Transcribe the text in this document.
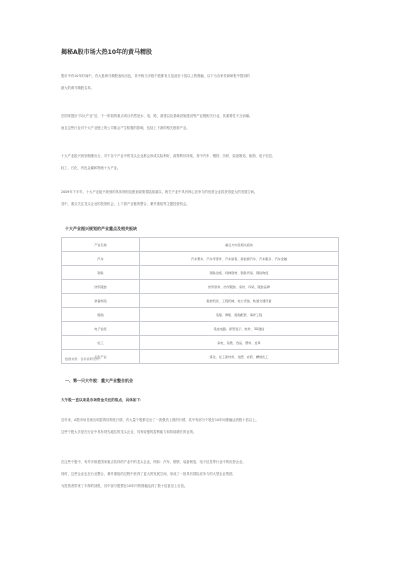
揭秘A股市场大热10年的黄马精股
股市中有10年时间中，有大批黄马精股表现出色，其中相当多数个股都有几倍甚至十倍以上的涨幅，以下为各家券商研报中提到的
最大的黄马精股名单。
在国家提出“四大产业”后，下一阶段的重点项目仍然是水、电、路，基建以及基础设施建设等产业链相关行业，其重要性不言而喻。
而且这些行业对于大产业链上的公司都会产生积极的影响，包括上下游的相关配套产业。
十大产业振兴规划相继出台，对于各个产业中的龙头企业都会形成实际利好，政策利好持续，其中汽车、钢铁、纺织、装备制造、船舶、电子信息、
轻工、石化、有色金属和物流十大产业。
2009年下半年，十大产业振兴规划的具体细则及配套政策将陆续落实，相关产业中具有核心竞争力的优势企业将获得更大的发展空间。
其中，重点关注龙头企业的投资机会，上下游产业链的整合、兼并重组等主题投资机会。
十大产业振兴规划的产业重点及相关板块
产业名称	重点方向及相关板块
汽车	汽车整车、汽车零部件、汽车销售、新能源汽车、汽车服务、汽车金融
钢铁	钢铁冶炼、特种钢材、钢铁贸易、钢铁物流
纺织服装	纺织原料、纺织服装、家纺、印染、服装品牌
装备制造	数控机床、工程机械、电力设备、轨道交通设备
船舶	造船、修船、船舶配套、海洋工程
电子信息	集成电路、新型显示、软件、3G通信
轻工	家电、造纸、食品、塑料、皮革
石化产业	炼化、化工新材料、化肥、农药、精细化工
数据来源：各券商研究所
一、第一只大牛股：重大产业整合机会
大牛股一直以来是市场资金关注的焦点，具体如下：
近年来，A股市场呈现出明显的结构性行情，有大量个股都走出了一波强劲上涨的行情，其中有部分个股在10年间涨幅达到数十倍以上。
这些个股大多是在行业中具有领先地位的龙头企业，具有较强的盈利能力和持续增长的业绩。
在这些个股中，有许多都是国家重点扶持的产业中的龙头企业，例如：汽车、钢铁、装备制造、电子信息等行业中的优势企业。
同时，这些企业也在行业整合、兼并重组的过程中获得了更大的发展空间，形成了一批具有国际竞争力的大型企业集团，
为投资者带来了丰厚的回报，其中部分股票在10年内的涨幅达到了数十倍甚至上百倍。
